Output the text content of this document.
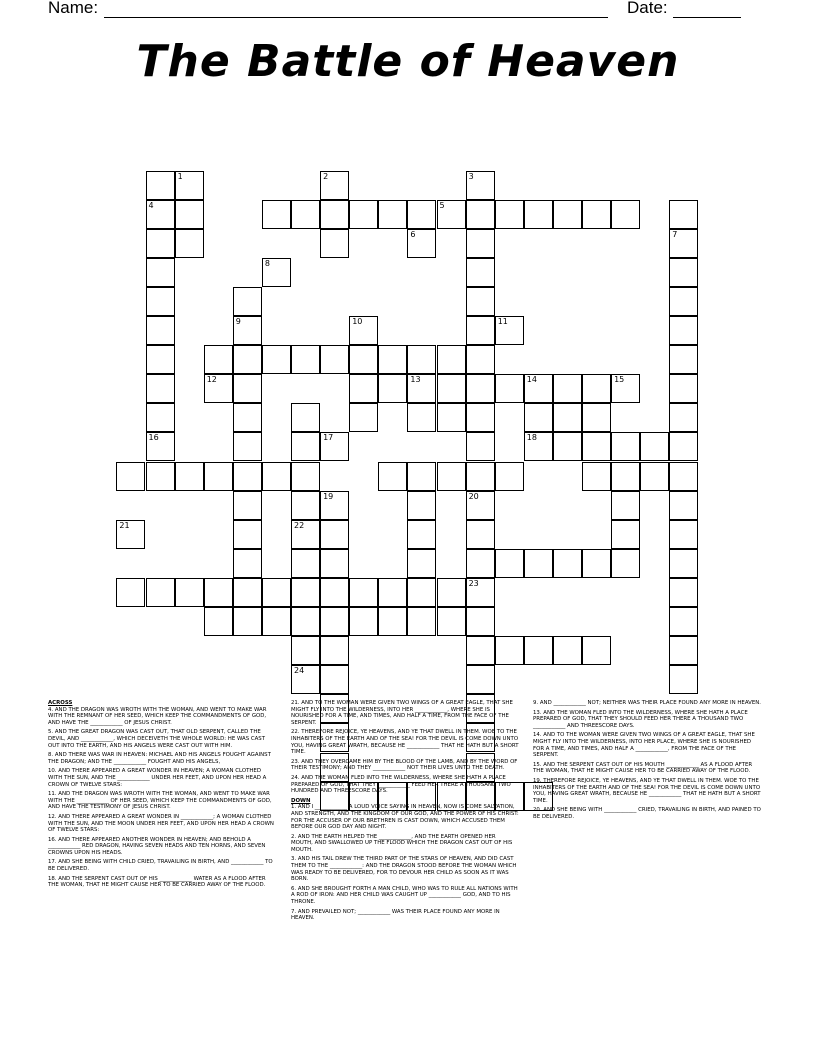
Name:	Date:
The Battle of Heaven
1	2	3
20
4
16
5
7
9
13	14	15
22
18
23
24
6
8
10	11
12
17
19
21

ACROSS

4. AND THE DRAGON WAS WROTH WITH THE WOMAN, AND WENT TO MAKE WAR WITH THE REMNANT OF HER SEED, WHICH KEEP THE COMMANDMENTS OF GOD, AND HAVE THE ____________ OF JESUS CHRIST.

5. AND THE GREAT DRAGON WAS CAST OUT, THAT OLD SERPENT, CALLED THE DEVIL, AND ____________, WHICH DECEIVETH THE WHOLE WORLD: HE WAS CAST OUT INTO THE EARTH, AND HIS ANGELS WERE CAST OUT WITH HIM.

8. AND THERE WAS WAR IN HEAVEN: MICHAEL AND HIS ANGELS FOUGHT AGAINST THE DRAGON; AND THE ____________ FOUGHT AND HIS ANGELS,

10. AND THERE APPEARED A GREAT WONDER IN HEAVEN; A WOMAN CLOTHED WITH THE SUN, AND THE ____________ UNDER HER FEET, AND UPON HER HEAD A CROWN OF TWELVE STARS:

11. AND THE DRAGON WAS WROTH WITH THE WOMAN, AND WENT TO MAKE WAR WITH THE ____________ OF HER SEED, WHICH KEEP THE COMMANDMENTS OF GOD, AND HAVE THE TESTIMONY OF JESUS CHRIST.

12. AND THERE APPEARED A GREAT WONDER IN ____________; A WOMAN CLOTHED WITH THE SUN, AND THE MOON UNDER HER FEET, AND UPON HER HEAD A CROWN OF TWELVE STARS:

16. AND THERE APPEARED ANOTHER WONDER IN HEAVEN; AND BEHOLD A ____________ RED DRAGON, HAVING SEVEN HEADS AND TEN HORNS, AND SEVEN CROWNS UPON HIS HEADS.

17. AND SHE BEING WITH CHILD CRIED, TRAVAILING IN BIRTH, AND ____________ TO BE DELIVERED.

18. AND THE SERPENT CAST OUT OF HIS ____________ WATER AS A FLOOD AFTER THE WOMAN, THAT HE MIGHT CAUSE HER TO BE CARRIED AWAY OF THE FLOOD.

21. AND TO THE WOMAN WERE GIVEN TWO WINGS OF A GREAT EAGLE, THAT SHE MIGHT FLY INTO THE WILDERNESS, INTO HER ____________, WHERE SHE IS NOURISHED FOR A TIME, AND TIMES, AND HALF A TIME, FROM THE FACE OF THE SERPENT.

22. THEREFORE REJOICE, YE HEAVENS, AND YE THAT DWELL IN THEM. WOE TO THE INHABITERS OF THE EARTH AND OF THE SEA! FOR THE DEVIL IS COME DOWN UNTO YOU, HAVING GREAT WRATH, BECAUSE HE ____________ THAT HE HATH BUT A SHORT TIME.

23. AND THEY OVERCAME HIM BY THE BLOOD OF THE LAMB, AND BY THE WORD OF THEIR TESTIMONY; AND THEY ____________ NOT THEIR LIVES UNTO THE DEATH.

24. AND THE WOMAN FLED INTO THE WILDERNESS, WHERE SHE HATH A PLACE PREPARED OF GOD, THAT THEY ____________ FEED HER THERE A THOUSAND TWO HUNDRED AND THREESCORE DAYS.

DOWN

1. AND I ____________ A LOUD VOICE SAYING IN HEAVEN, NOW IS COME SALVATION, AND STRENGTH, AND THE KINGDOM OF OUR GOD, AND THE POWER OF HIS CHRIST: FOR THE ACCUSER OF OUR BRETHREN IS CAST DOWN, WHICH ACCUSED THEM BEFORE OUR GOD DAY AND NIGHT.

2. AND THE EARTH HELPED THE ____________, AND THE EARTH OPENED HER MOUTH, AND SWALLOWED UP THE FLOOD WHICH THE DRAGON CAST OUT OF HIS MOUTH.

3. AND HIS TAIL DREW THE THIRD PART OF THE STARS OF HEAVEN, AND DID CAST THEM TO THE ____________: AND THE DRAGON STOOD BEFORE THE WOMAN WHICH WAS READY TO BE DELIVERED, FOR TO DEVOUR HER CHILD AS SOON AS IT WAS BORN.

6. AND SHE BROUGHT FORTH A MAN CHILD, WHO WAS TO RULE ALL NATIONS WITH A ROD OF IRON: AND HER CHILD WAS CAUGHT UP ____________ GOD, AND TO HIS THRONE.

7. AND PREVAILED NOT; ____________ WAS THEIR PLACE FOUND ANY MORE IN HEAVEN.

9. AND ____________ NOT; NEITHER WAS THEIR PLACE FOUND ANY MORE IN HEAVEN.

13. AND THE WOMAN FLED INTO THE WILDERNESS, WHERE SHE HATH A PLACE PREPARED OF GOD, THAT THEY SHOULD FEED HER THERE A THOUSAND TWO ____________ AND THREESCORE DAYS.

14. AND TO THE WOMAN WERE GIVEN TWO WINGS OF A GREAT EAGLE, THAT SHE MIGHT FLY INTO THE WILDERNESS, INTO HER PLACE, WHERE SHE IS NOURISHED FOR A TIME, AND TIMES, AND HALF A ____________, FROM THE FACE OF THE SERPENT.

15. AND THE SERPENT CAST OUT OF HIS MOUTH ____________ AS A FLOOD AFTER THE WOMAN, THAT HE MIGHT CAUSE HER TO BE CARRIED AWAY OF THE FLOOD.

19. THEREFORE REJOICE, YE HEAVENS, AND YE THAT DWELL IN THEM. WOE TO THE INHABITERS OF THE EARTH AND OF THE SEA! FOR THE DEVIL IS COME DOWN UNTO YOU, HAVING GREAT WRATH, BECAUSE HE ____________ THAT HE HATH BUT A SHORT TIME.

20. AND SHE BEING WITH ____________ CRIED, TRAVAILING IN BIRTH, AND PAINED TO BE DELIVERED.
